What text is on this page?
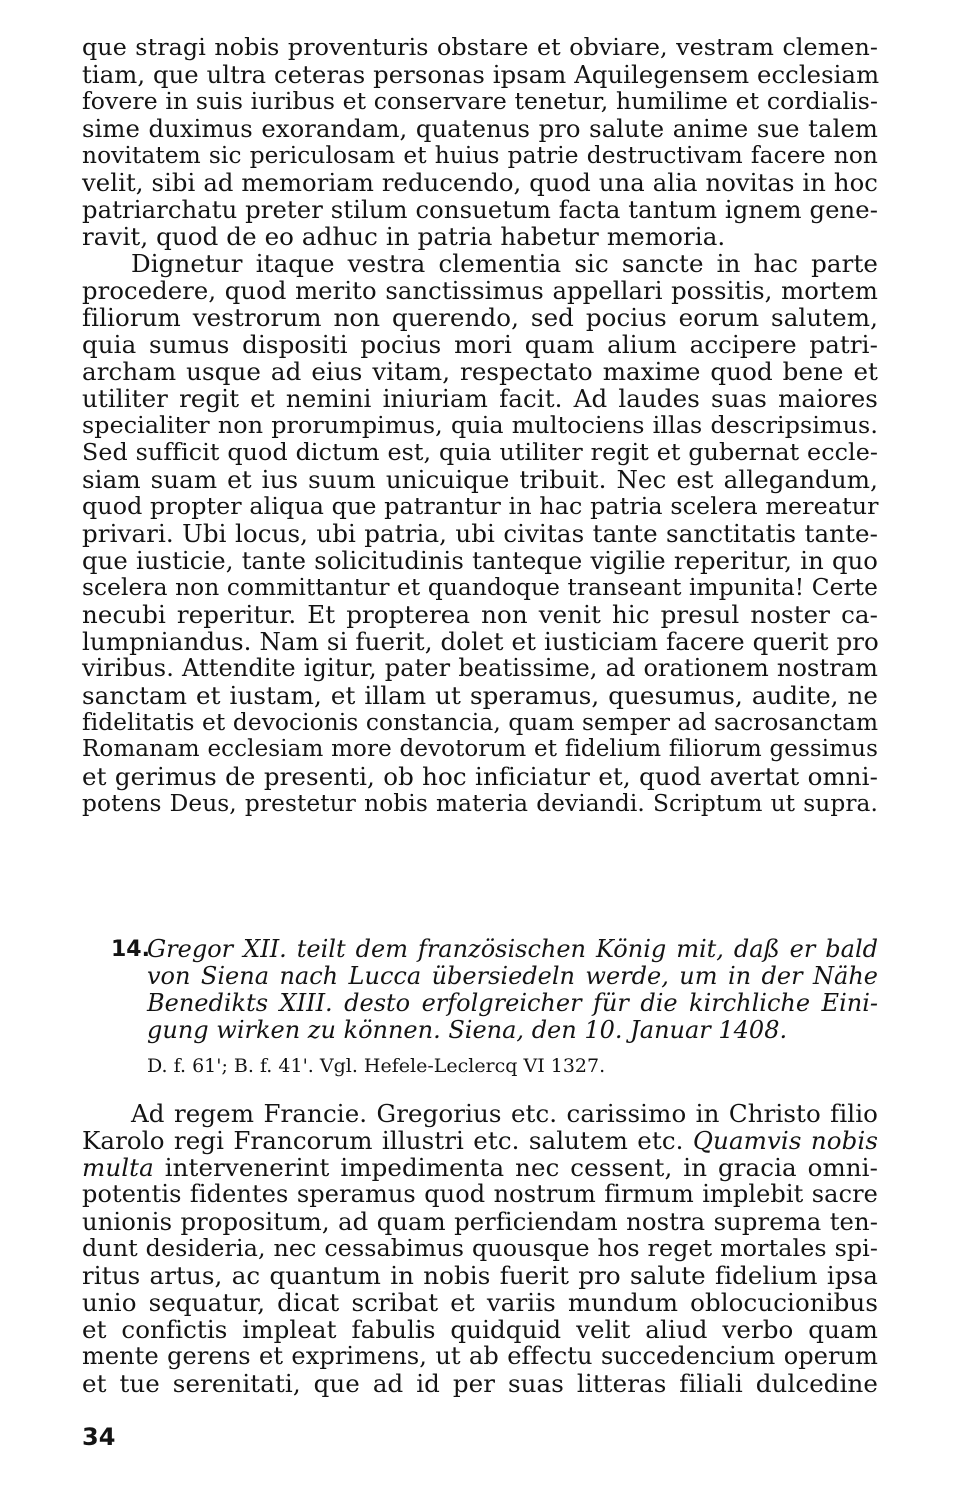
que stragi nobis proventuris obstare et obviare, vestram clemen-
tiam, que ultra ceteras personas ipsam Aquilegensem ecclesiam
fovere in suis iuribus et conservare tenetur, humilime et cordialis-
sime duximus exorandam, quatenus pro salute anime sue talem
novitatem sic periculosam et huius patrie destructivam facere non
velit, sibi ad memoriam reducendo, quod una alia novitas in hoc
patriarchatu preter stilum consuetum facta tantum ignem gene-
ravit, quod de eo adhuc in patria habetur memoria.
Dignetur itaque vestra clementia sic sancte in hac parte
procedere, quod merito sanctissimus appellari possitis, mortem
filiorum vestrorum non querendo, sed pocius eorum salutem,
quia sumus dispositi pocius mori quam alium accipere patri-
archam usque ad eius vitam, respectato maxime quod bene et
utiliter regit et nemini iniuriam facit. Ad laudes suas maiores
specialiter non prorumpimus, quia multociens illas descripsimus.
Sed sufficit quod dictum est, quia utiliter regit et gubernat eccle-
siam suam et ius suum unicuique tribuit. Nec est allegandum,
quod propter aliqua que patrantur in hac patria scelera mereatur
privari. Ubi locus, ubi patria, ubi civitas tante sanctitatis tante-
que iusticie, tante solicitudinis tanteque vigilie reperitur, in quo
scelera non committantur et quandoque transeant impunita! Certe
necubi reperitur. Et propterea non venit hic presul noster ca-
lumpniandus. Nam si fuerit, dolet et iusticiam facere querit pro
viribus. Attendite igitur, pater beatissime, ad orationem nostram
sanctam et iustam, et illam ut speramus, quesumus, audite, ne
fidelitatis et devocionis constancia, quam semper ad sacrosanctam
Romanam ecclesiam more devotorum et fidelium filiorum gessimus
et gerimus de presenti, ob hoc inficiatur et, quod avertat omni-
potens Deus, prestetur nobis materia deviandi. Scriptum ut supra.
14.
Gregor XII. teilt dem französischen König mit, daß er bald
von Siena nach Lucca übersiedeln werde, um in der Nähe
Benedikts XIII. desto erfolgreicher für die kirchliche Eini-
gung wirken zu können. Siena, den 10. Januar 1408.
D. f. 61'; B. f. 41'. Vgl. Hefele-Leclercq VI 1327.
Ad regem Francie. Gregorius etc. carissimo in Christo filio
Karolo regi Francorum illustri etc. salutem etc. Quamvis nobis
multa intervenerint impedimenta nec cessent, in gracia omni-
potentis fidentes speramus quod nostrum firmum implebit sacre
unionis propositum, ad quam perficiendam nostra suprema ten-
dunt desideria, nec cessabimus quousque hos reget mortales spi-
ritus artus, ac quantum in nobis fuerit pro salute fidelium ipsa
unio sequatur, dicat scribat et variis mundum oblocucionibus
et confictis impleat fabulis quidquid velit aliud verbo quam
mente gerens et exprimens, ut ab effectu succedencium operum
et tue serenitati, que ad id per suas litteras filiali dulcedine
34
